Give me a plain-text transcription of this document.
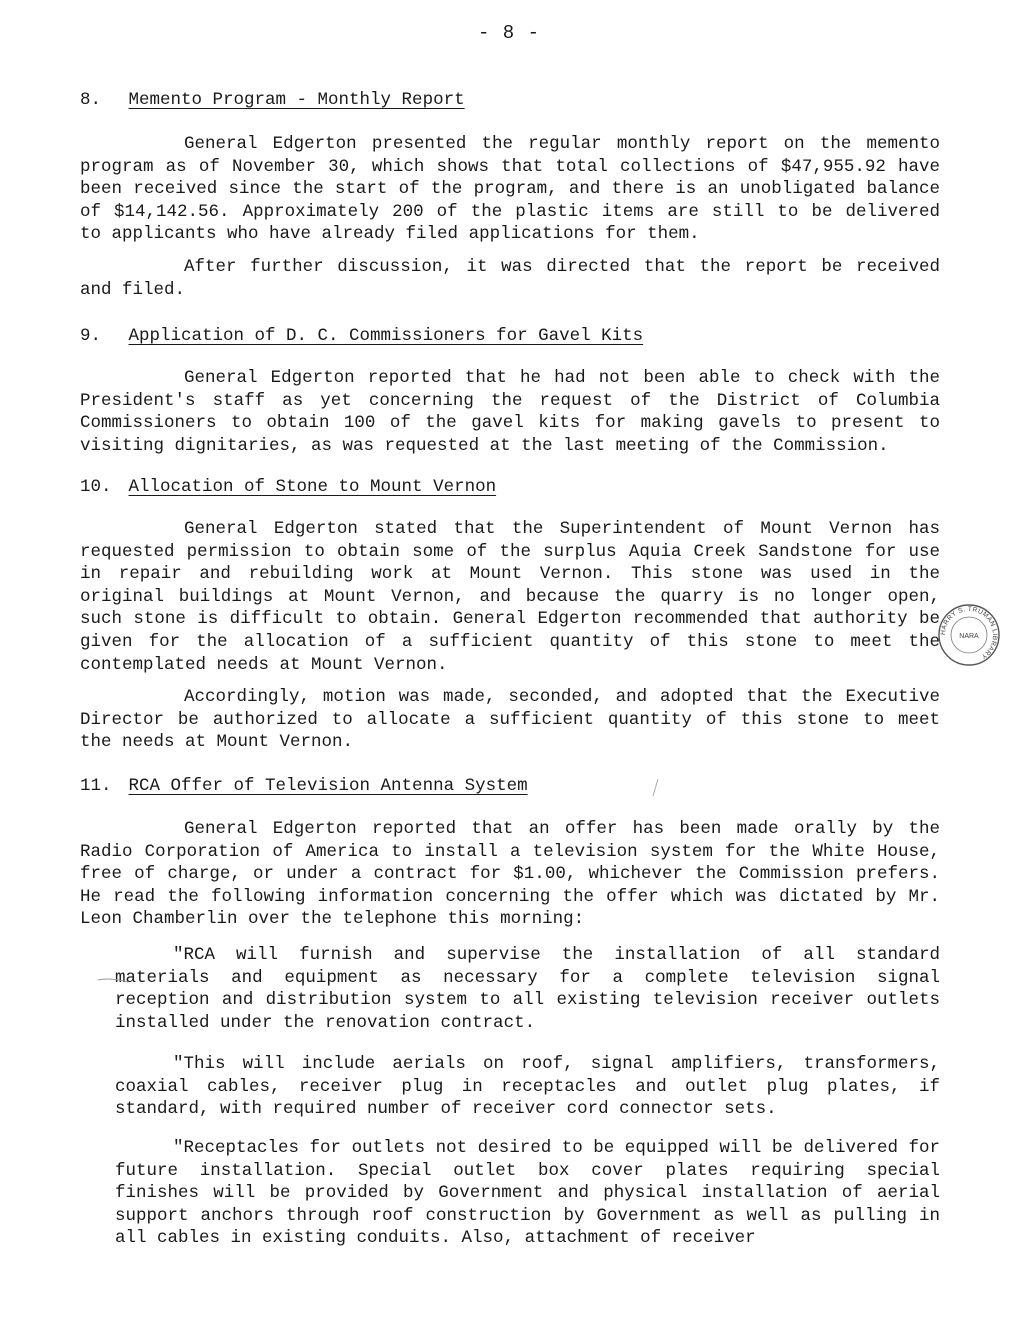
- 8 -
8. Memento Program - Monthly Report

General Edgerton presented the regular monthly report on the memento program as of November 30, which shows that total collections of $47,955.92 have been received since the start of the program, and there is an unobligated balance of $14,142.56. Approximately 200 of the plastic items are still to be delivered to applicants who have already filed applications for them.

After further discussion, it was directed that the report be received and filed.

9. Application of D. C. Commissioners for Gavel Kits

General Edgerton reported that he had not been able to check with the President's staff as yet concerning the request of the District of Columbia Commissioners to obtain 100 of the gavel kits for making gavels to present to visiting dignitaries, as was requested at the last meeting of the Commission.

10. Allocation of Stone to Mount Vernon

General Edgerton stated that the Superintendent of Mount Vernon has requested permission to obtain some of the surplus Aquia Creek Sandstone for use in repair and rebuilding work at Mount Vernon. This stone was used in the original buildings at Mount Vernon, and because the quarry is no longer open, such stone is difficult to obtain. General Edgerton recommended that authority be given for the allocation of a sufficient quantity of this stone to meet the contemplated needs at Mount Vernon.

Accordingly, motion was made, seconded, and adopted that the Executive Director be authorized to allocate a sufficient quantity of this stone to meet the needs at Mount Vernon.

11. RCA Offer of Television Antenna System

General Edgerton reported that an offer has been made orally by the Radio Corporation of America to install a television system for the White House, free of charge, or under a contract for $1.00, whichever the Commission prefers. He read the following information concerning the offer which was dictated by Mr. Leon Chamberlin over the telephone this morning:

"RCA will furnish and supervise the installation of all standard materials and equipment as necessary for a complete television signal reception and distribution system to all existing television receiver outlets installed under the renovation contract.

"This will include aerials on roof, signal amplifiers, transformers, coaxial cables, receiver plug in receptacles and outlet plug plates, if standard, with required number of receiver cord connector sets.

"Receptacles for outlets not desired to be equipped will be delivered for future installation. Special outlet box cover plates requiring special finishes will be provided by Government and physical installation of aerial support anchors through roof construction by Government as well as pulling in all cables in existing conduits. Also, attachment of receiver

HARRY S. TRUMAN LIBRARY
NARA
